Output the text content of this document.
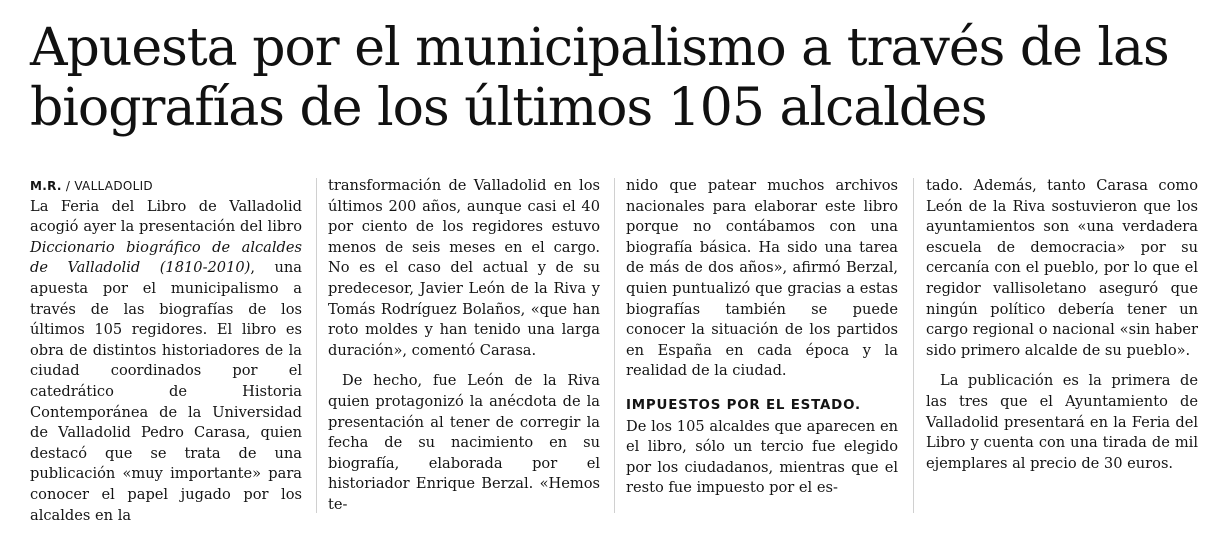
Apuesta por el municipalismo a través de las biografías de los últimos 105 alcaldes
M.R. / VALLADOLID

La Feria del Libro de Valladolid acogió ayer la presentación del libro Diccionario biográfico de alcaldes de Valladolid (1810-2010), una apuesta por el municipalismo a través de las biografías de los últimos 105 regidores. El libro es obra de distintos historiadores de la ciudad coordinados por el catedrático de Historia Contemporánea de la Universidad de Valladolid Pedro Carasa, quien destacó que se trata de una publicación «muy importante» para conocer el papel jugado por los alcaldes en la

transformación de Valladolid en los últimos 200 años, aunque casi el 40 por ciento de los regidores estuvo menos de seis meses en el cargo. No es el caso del actual y de su predecesor, Javier León de la Riva y Tomás Rodríguez Bolaños, «que han roto moldes y han tenido una larga duración», comentó Carasa.

De hecho, fue León de la Riva quien protagonizó la anécdota de la presentación al tener de corregir la fecha de su nacimiento en su biografía, elaborada por el historiador Enrique Berzal. «Hemos te-

nido que patear muchos archivos nacionales para elaborar este libro porque no contábamos con una biografía básica. Ha sido una tarea de más de dos años», afirmó Berzal, quien puntualizó que gracias a estas biografías también se puede conocer la situación de los partidos en España en cada época y la realidad de la ciudad.

IMPUESTOS POR EL ESTADO.

De los 105 alcaldes que aparecen en el libro, sólo un tercio fue elegido por los ciudadanos, mientras que el resto fue impuesto por el es-

tado. Además, tanto Carasa como León de la Riva sostuvieron que los ayuntamientos son «una verdadera escuela de democracia» por su cercanía con el pueblo, por lo que el regidor vallisoletano aseguró que ningún político debería tener un cargo regional o nacional «sin haber sido primero alcalde de su pueblo».

La publicación es la primera de las tres que el Ayuntamiento de Valladolid presentará en la Feria del Libro y cuenta con una tirada de mil ejemplares al precio de 30 euros.
